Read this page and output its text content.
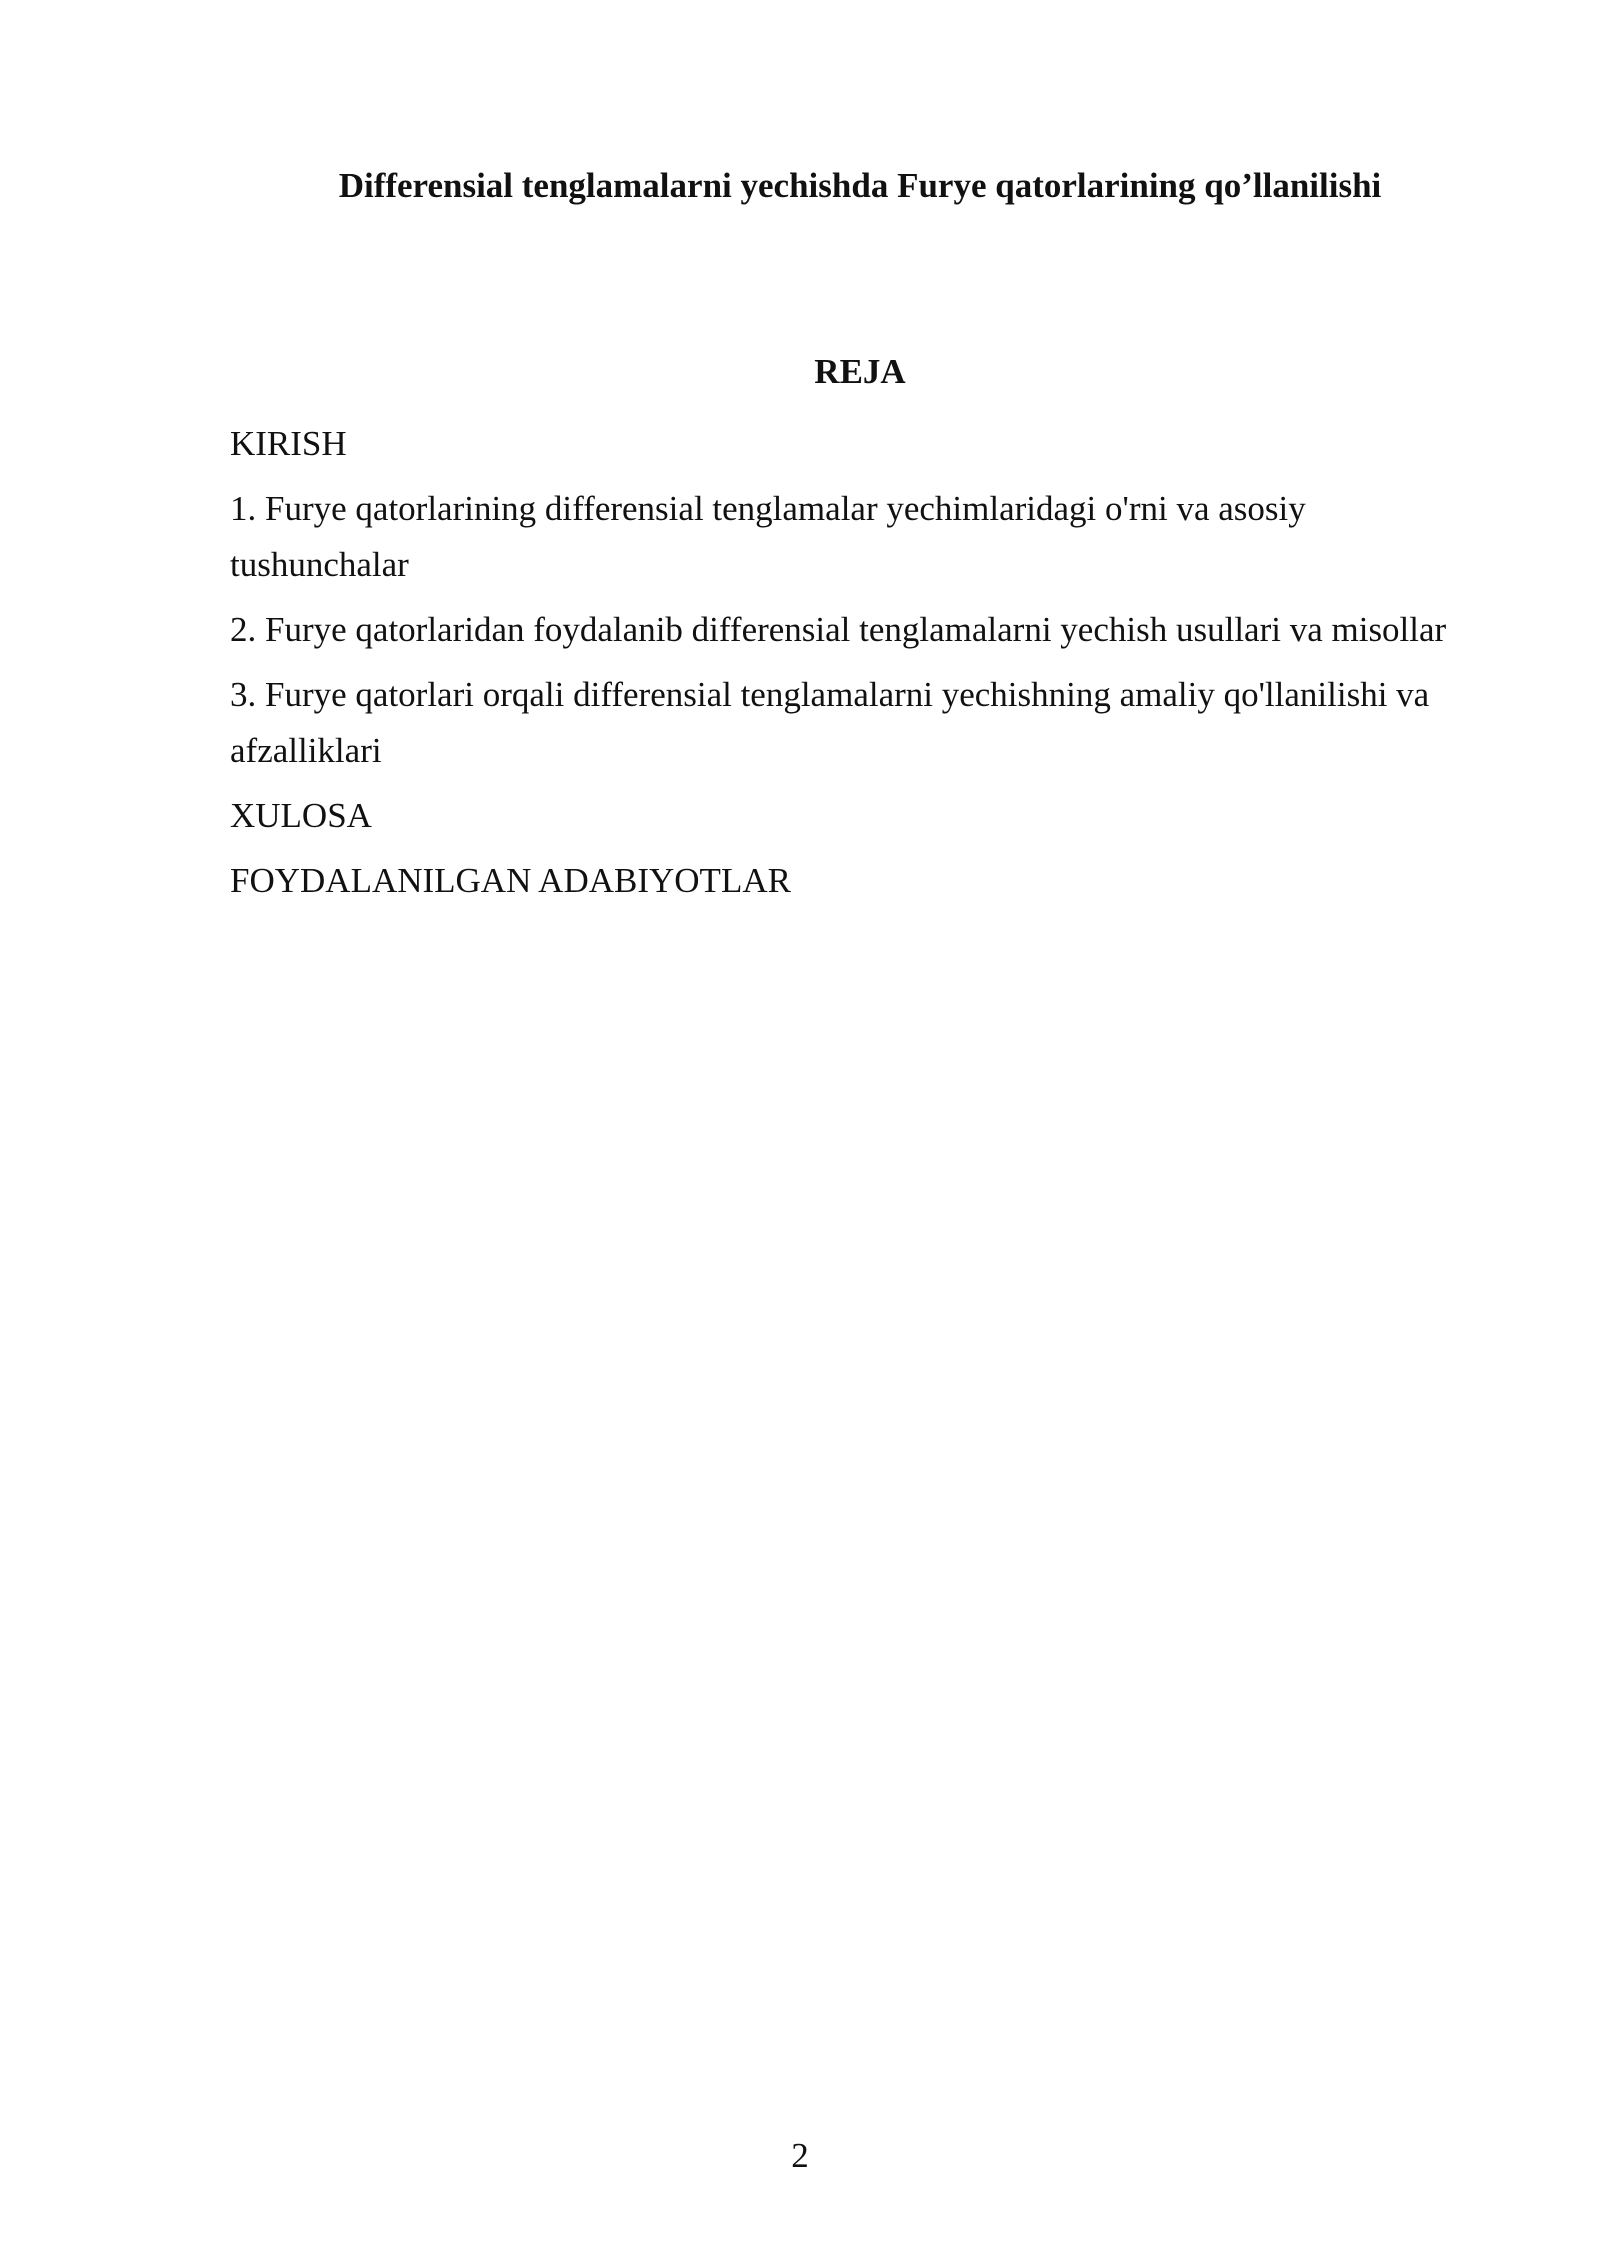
Differensial tenglamalarni yechishda Furye qatorlarining qo’llanilishi
REJA
KIRISH
1. Furye qatorlarining differensial tenglamalar yechimlaridagi o'rni va asosiy tushunchalar
2. Furye qatorlaridan foydalanib differensial tenglamalarni yechish usullari va misollar
3. Furye qatorlari orqali differensial tenglamalarni yechishning amaliy qo'llanilishi va afzalliklari
XULOSA
FOYDALANILGAN ADABIYOTLAR
2
